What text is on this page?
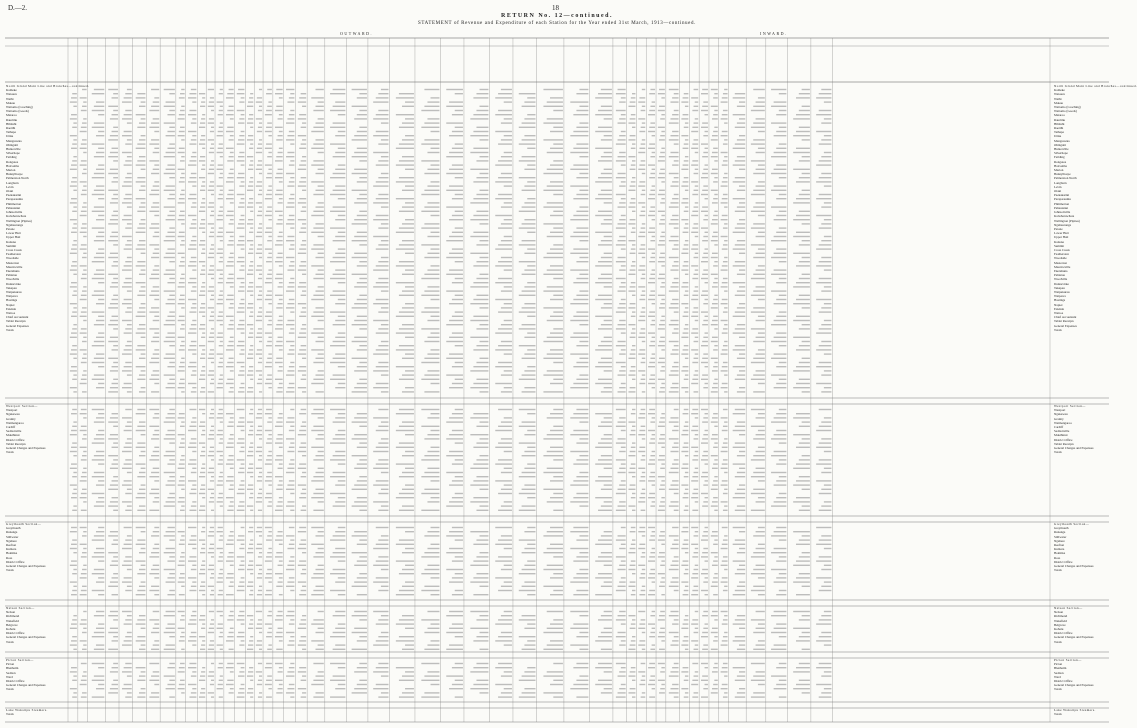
D.—2.	18
RETURN No. 12—continued.
STATEMENT of Revenue and Expenditure of each Station for the Year ended 31st March, 1913—continued.
OUTWARD.	INWARD.
North Island Main Line and Branches—continued.
Kaitieke
Waiouru
Waihi
Mokau
Waitomo (Coaching)
Waitomo (Goods)
Mataroa
Raurimu
Hihitahi
Raetihi
Taihape
Utiku
Mangaweka
Ohingaiti
Hunterville
Silverhope
Feilding
Rongotea
Halcombe
Marton
Bunnythorpe
Palmerston North
Longburn
Levin
Otaki
Paekakariki
Paraparaumu
Plimmerton
Pahautanui
Johnsonville
Kaiwharawhara
Wellington (Pipitea)
Ngahauranga
Petone
Lower Hutt
Upper Hutt
Kaitoke
Summit
Cross Creek
Featherston
Woodside
Masterton
Mauriceville
Eketahuna
Pahiatua
Woodville
Dannevirke
Takapau
Waipukurau
Waipawa
Hastings
Napier
Eskdale
Wairoa
Chief Accountant
Tablet Receipts
General Expenses
Totals
Westport Section—
Westport
Ngakawau
Granity
Waimangaroa
Cardiff
Seddonville
Mokihinui
District Office
Tablet Receipts
General Charges and Expenses
Totals
Greymouth Section—
Greymouth
Runanga
Stillwater
Ngahere
Reefton
Kumara
Hokitika
Ross
District Office
General Charges and Expenses
Totals
Nelson Section—
Nelson
Richmond
Wakefield
Belgrove
Kohatu
District Office
General Charges and Expenses
Totals
Picton Section—
Picton
Blenheim
Seddon
Ward
District Office
General Charges and Expenses
Totals
Lake Wakatipu Steamers.
Totals
North Island Main Line and Branches—continued.
Kaitieke
Waiouru
Waihi
Mokau
Waitomo (Coaching)
Waitomo (Goods)
Mataroa
Raurimu
Hihitahi
Raetihi
Taihape
Utiku
Mangaweka
Ohingaiti
Hunterville
Silverhope
Feilding
Rongotea
Halcombe
Marton
Bunnythorpe
Palmerston North
Longburn
Levin
Otaki
Paekakariki
Paraparaumu
Plimmerton
Pahautanui
Johnsonville
Kaiwharawhara
Wellington (Pipitea)
Ngahauranga
Petone
Lower Hutt
Upper Hutt
Kaitoke
Summit
Cross Creek
Featherston
Woodside
Masterton
Mauriceville
Eketahuna
Pahiatua
Woodville
Dannevirke
Takapau
Waipukurau
Waipawa
Hastings
Napier
Eskdale
Wairoa
Chief Accountant
Tablet Receipts
General Expenses
Totals
Westport Section—
Westport
Ngakawau
Granity
Waimangaroa
Cardiff
Seddonville
Mokihinui
District Office
Tablet Receipts
General Charges and Expenses
Totals
Greymouth Section—
Greymouth
Runanga
Stillwater
Ngahere
Reefton
Kumara
Hokitika
Ross
District Office
General Charges and Expenses
Totals
Nelson Section—
Nelson
Richmond
Wakefield
Belgrove
Kohatu
District Office
General Charges and Expenses
Totals
Picton Section—
Picton
Blenheim
Seddon
Ward
District Office
General Charges and Expenses
Totals
Lake Wakatipu Steamers.
Totals
